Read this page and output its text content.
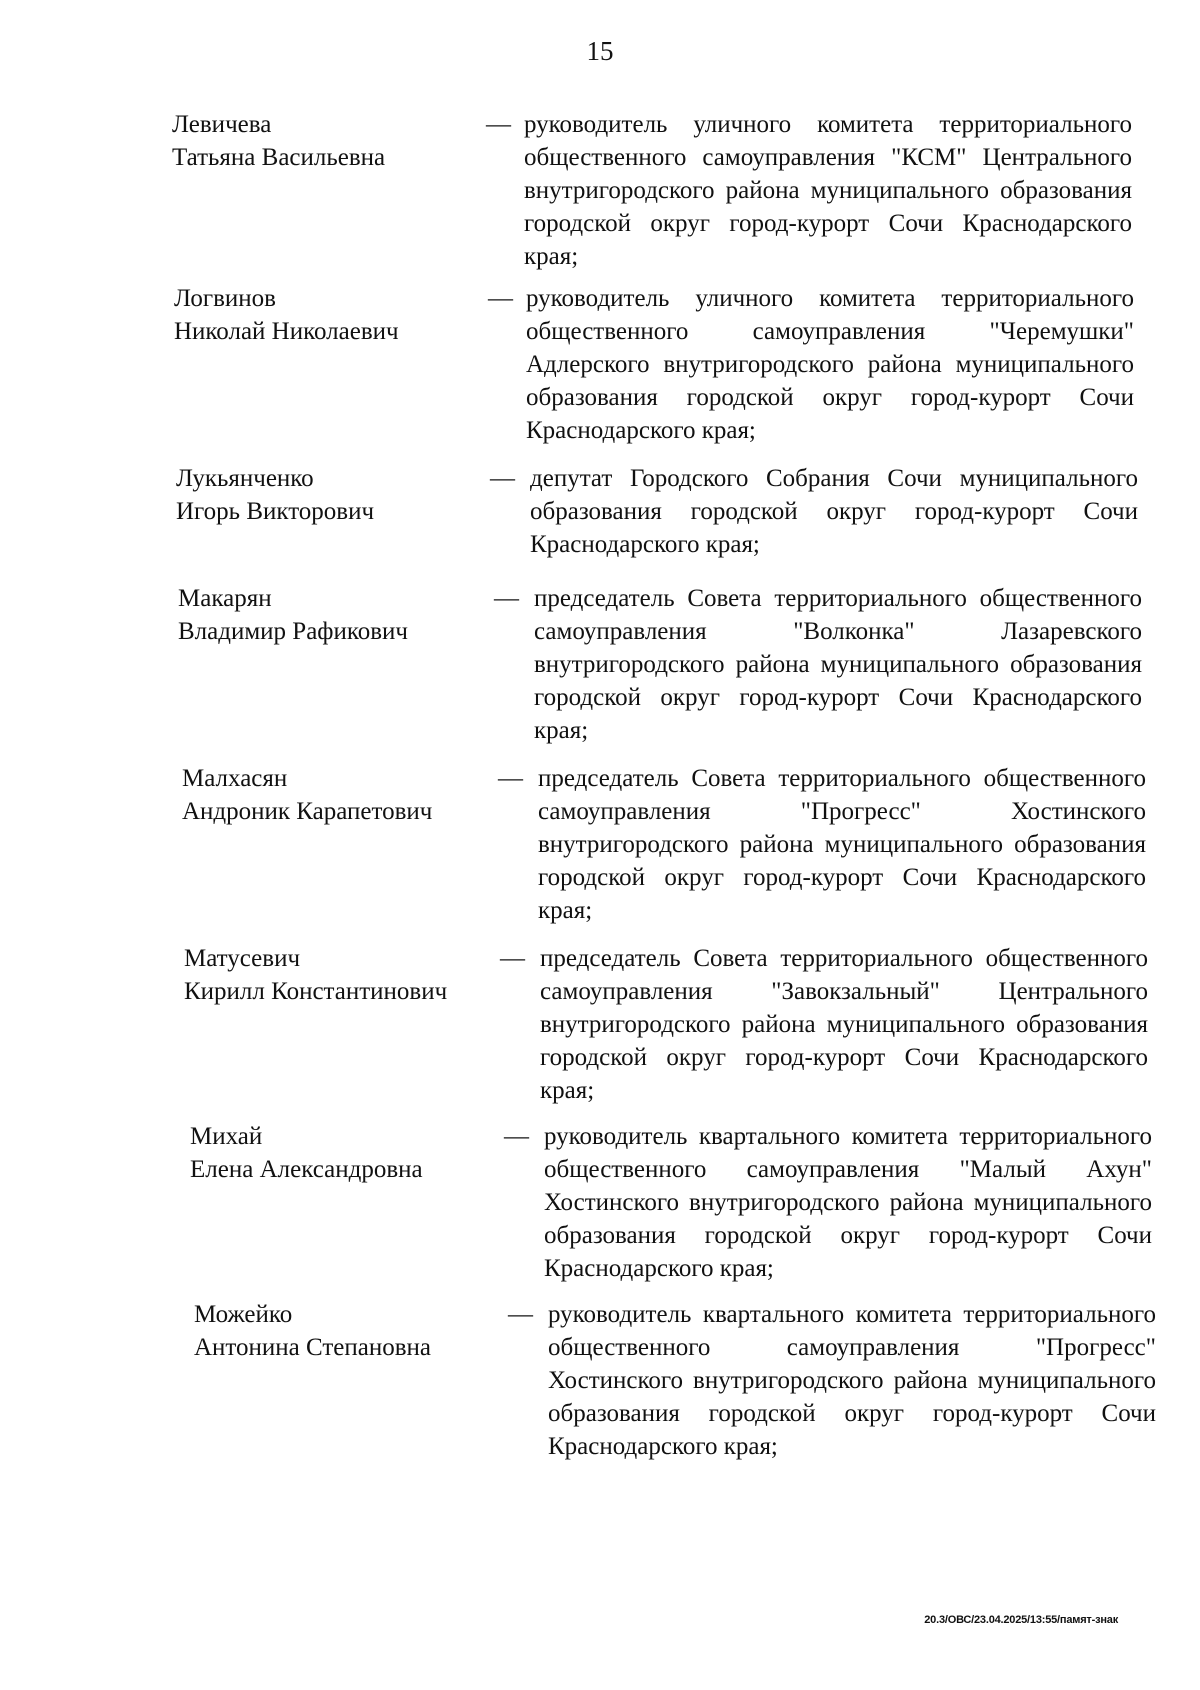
15
Левичева
Татьяна Васильевна
— руководитель уличного комитета территориального общественного самоуправления "КСМ" Центрального внутригородского района муниципального образования городской округ город-курорт Сочи Краснодарского края;
Логвинов
Николай Николаевич
— руководитель уличного комитета территориального общественного самоуправления "Черемушки" Адлерского внутригородского района муниципального образования городской округ город-курорт Сочи Краснодарского края;
Лукьянченко
Игорь Викторович
— депутат Городского Собрания Сочи муниципального образования городской округ город-курорт Сочи Краснодарского края;
Макарян
Владимир Рафикович
— председатель Совета территориального общественного самоуправления "Волконка" Лазаревского внутригородского района муниципального образования городской округ город-курорт Сочи Краснодарского края;
Малхасян
Андроник Карапетович
— председатель Совета территориального общественного самоуправления "Прогресс" Хостинского внутригородского района муниципального образования городской округ город-курорт Сочи Краснодарского края;
Матусевич
Кирилл Константинович
— председатель Совета территориального общественного самоуправления "Завокзальный" Центрального внутригородского района муниципального образования городской округ город-курорт Сочи Краснодарского края;
Михай
Елена Александровна
— руководитель квартального комитета территориального общественного самоуправления "Малый Ахун" Хостинского внутригородского района муниципального образования городской округ город-курорт Сочи Краснодарского края;
Можейко
Антонина Степановна
— руководитель квартального комитета территориального общественного самоуправления "Прогресс" Хостинского внутригородского района муниципального образования городской округ город-курорт Сочи Краснодарского края;
20.3/ОВС/23.04.2025/13:55/памят-знак
